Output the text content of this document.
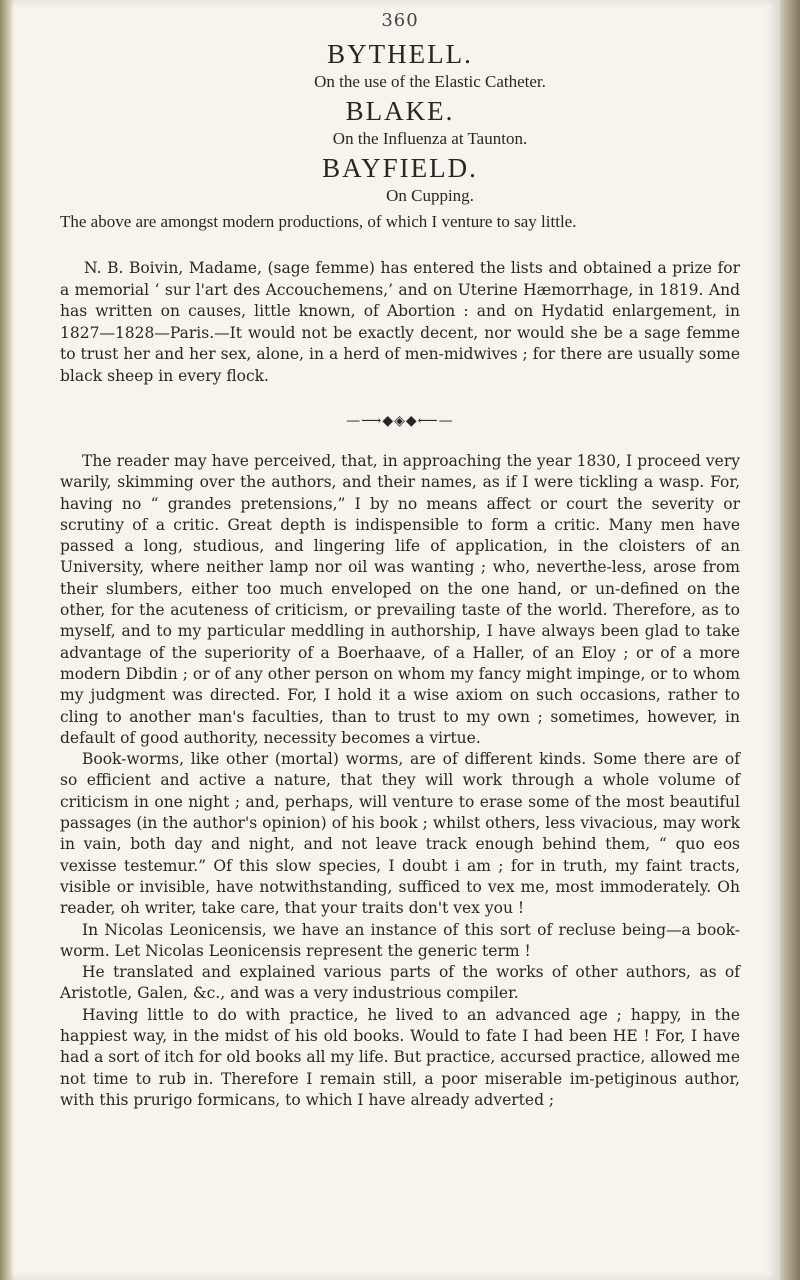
360
BYTHELL.
On the use of the Elastic Catheter.
BLAKE.
On the Influenza at Taunton.
BAYFIELD.
On Cupping.

The above are amongst modern productions, of which I venture to say little.

N. B. Boivin, Madame, (sage femme) has entered the lists and obtained a prize for a memorial ‘ sur l'art des Accouchemens,’ and on Uterine Hæmorrhage, in 1819. And has written on causes, little known, of Abortion : and on Hydatid enlargement, in 1827—1828—Paris.—It would not be exactly decent, nor would she be a sage femme to trust her and her sex, alone, in a herd of men-midwives ; for there are usually some black sheep in every flock.

—⟶◆◈◆⟵—

The reader may have perceived, that, in approaching the year 1830, I proceed very warily, skimming over the authors, and their names, as if I were tickling a wasp. For, having no “ grandes pretensions,” I by no means affect or court the severity or scrutiny of a critic. Great depth is indispensible to form a critic. Many men have passed a long, studious, and lingering life of application, in the cloisters of an University, where neither lamp nor oil was wanting ; who, neverthe-less, arose from their slumbers, either too much enveloped on the one hand, or un-defined on the other, for the acuteness of criticism, or prevailing taste of the world. Therefore, as to myself, and to my particular meddling in authorship, I have always been glad to take advantage of the superiority of a Boerhaave, of a Haller, of an Eloy ; or of a more modern Dibdin ; or of any other person on whom my fancy might impinge, or to whom my judgment was directed. For, I hold it a wise axiom on such occasions, rather to cling to another man's faculties, than to trust to my own ; sometimes, however, in default of good authority, necessity becomes a virtue.

Book-worms, like other (mortal) worms, are of different kinds. Some there are of so efficient and active a nature, that they will work through a whole volume of criticism in one night ; and, perhaps, will venture to erase some of the most beautiful passages (in the author's opinion) of his book ; whilst others, less vivacious, may work in vain, both day and night, and not leave track enough behind them, “ quo eos vexisse testemur.” Of this slow species, I doubt i am ; for in truth, my faint tracts, visible or invisible, have notwithstanding, sufficed to vex me, most immoderately. Oh reader, oh writer, take care, that your traits don't vex you !

In Nicolas Leonicensis, we have an instance of this sort of recluse being—a book-worm. Let Nicolas Leonicensis represent the generic term !

He translated and explained various parts of the works of other authors, as of Aristotle, Galen, &c., and was a very industrious compiler.

Having little to do with practice, he lived to an advanced age ; happy, in the happiest way, in the midst of his old books. Would to fate I had been HE ! For, I have had a sort of itch for old books all my life. But practice, accursed practice, allowed me not time to rub in. Therefore I remain still, a poor miserable im-petiginous author, with this prurigo formicans, to which I have already adverted ;
